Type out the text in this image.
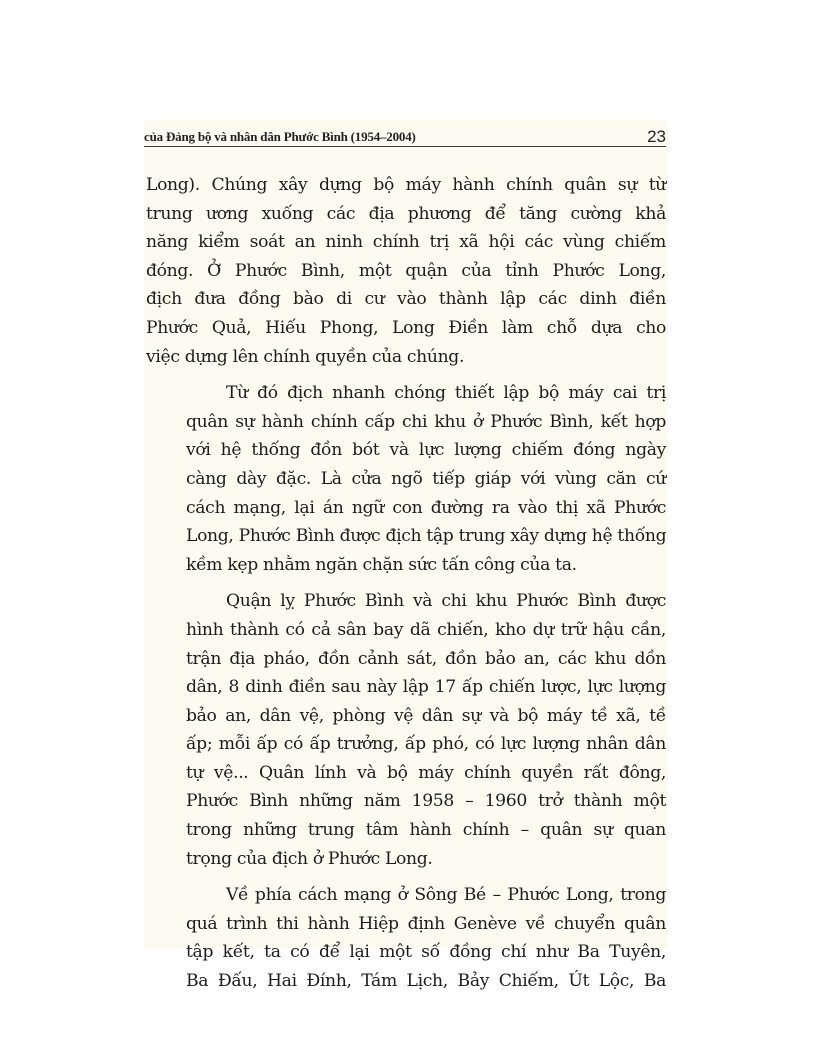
của Đảng bộ và nhân dân Phước Bình (1954–2004)	23
Long). Chúng xây dựng bộ máy hành chính quân sự từ
trung ương xuống các địa phương để tăng cường khả
năng kiểm soát an ninh chính trị xã hội các vùng chiếm
đóng. Ở Phước Bình, một quận của tỉnh Phước Long,
địch đưa đồng bào di cư vào thành lập các dinh điền
Phước Quả, Hiếu Phong, Long Điền làm chỗ dựa cho
việc dựng lên chính quyền của chúng.
Từ đó địch nhanh chóng thiết lập bộ máy cai trị
quân sự hành chính cấp chi khu ở Phước Bình, kết hợp
với hệ thống đồn bót và lực lượng chiếm đóng ngày
càng dày đặc. Là cửa ngõ tiếp giáp với vùng căn cứ
cách mạng, lại án ngữ con đường ra vào thị xã Phước
Long, Phước Bình được địch tập trung xây dựng hệ thống
kềm kẹp nhằm ngăn chặn sức tấn công của ta.
Quận lỵ Phước Bình và chi khu Phước Bình được
hình thành có cả sân bay dã chiến, kho dự trữ hậu cần,
trận địa pháo, đồn cảnh sát, đồn bảo an, các khu dồn
dân, 8 dinh điền sau này lập 17 ấp chiến lược, lực lượng
bảo an, dân vệ, phòng vệ dân sự và bộ máy tề xã, tề
ấp; mỗi ấp có ấp trưởng, ấp phó, có lực lượng nhân dân
tự vệ... Quân lính và bộ máy chính quyền rất đông,
Phước Bình những năm 1958 – 1960 trở thành một
trong những trung tâm hành chính – quân sự quan
trọng của địch ở Phước Long.
Về phía cách mạng ở Sông Bé – Phước Long, trong
quá trình thi hành Hiệp định Genève về chuyển quân
tập kết, ta có để lại một số đồng chí như Ba Tuyên,
Ba Đấu, Hai Đính, Tám Lịch, Bảy Chiếm, Út Lộc, Ba
